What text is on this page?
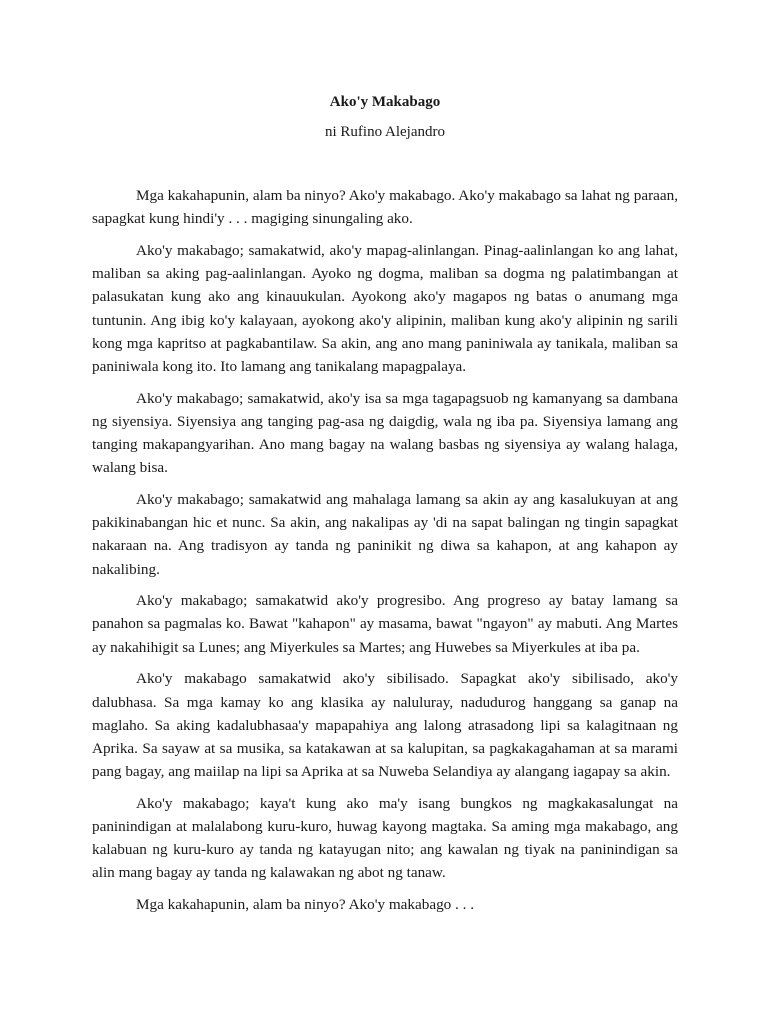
Ako'y Makabago

ni Rufino Alejandro

Mga kakahapunin, alam ba ninyo? Ako'y makabago. Ako'y makabago sa lahat ng paraan, sapagkat kung hindi'y . . . magiging sinungaling ako.

Ako'y makabago; samakatwid, ako'y mapag-alinlangan. Pinag-aalinlangan ko ang lahat, maliban sa aking pag-aalinlangan. Ayoko ng dogma, maliban sa dogma ng palatimbangan at palasukatan kung ako ang kinauukulan. Ayokong ako'y magapos ng batas o anumang mga tuntunin. Ang ibig ko'y kalayaan, ayokong ako'y alipinin, maliban kung ako'y alipinin ng sarili kong mga kapritso at pagkabantilaw. Sa akin, ang ano mang paniniwala ay tanikala, maliban sa paniniwala kong ito. Ito lamang ang tanikalang mapagpalaya.

Ako'y makabago; samakatwid, ako'y isa sa mga tagapagsuob ng kamanyang sa dambana ng siyensiya. Siyensiya ang tanging pag-asa ng daigdig, wala ng iba pa. Siyensiya lamang ang tanging makapangyarihan. Ano mang bagay na walang basbas ng siyensiya ay walang halaga, walang bisa.

Ako'y makabago; samakatwid ang mahalaga lamang sa akin ay ang kasalukuyan at ang pakikinabangan hic et nunc. Sa akin, ang nakalipas ay 'di na sapat balingan ng tingin sapagkat nakaraan na. Ang tradisyon ay tanda ng paninikit ng diwa sa kahapon, at ang kahapon ay nakalibing.

Ako'y makabago; samakatwid ako'y progresibo. Ang progreso ay batay lamang sa panahon sa pagmalas ko. Bawat "kahapon" ay masama, bawat "ngayon" ay mabuti. Ang Martes ay nakahihigit sa Lunes; ang Miyerkules sa Martes; ang Huwebes sa Miyerkules at iba pa.

Ako'y makabago samakatwid ako'y sibilisado. Sapagkat ako'y sibilisado, ako'y dalubhasa. Sa mga kamay ko ang klasika ay naluluray, nadudurog hanggang sa ganap na maglaho. Sa aking kadalubhasaa'y mapapahiya ang lalong atrasadong lipi sa kalagitnaan ng Aprika. Sa sayaw at sa musika, sa katakawan at sa kalupitan, sa pagkakagahaman at sa marami pang bagay, ang maiilap na lipi sa Aprika at sa Nuweba Selandiya ay alangang iagapay sa akin.

Ako'y makabago; kaya't kung ako ma'y isang bungkos ng magkakasalungat na paninindigan at malalabong kuru-kuro, huwag kayong magtaka. Sa aming mga makabago, ang kalabuan ng kuru-kuro ay tanda ng katayugan nito; ang kawalan ng tiyak na paninindigan sa alin mang bagay ay tanda ng kalawakan ng abot ng tanaw.

Mga kakahapunin, alam ba ninyo? Ako'y makabago . . .
